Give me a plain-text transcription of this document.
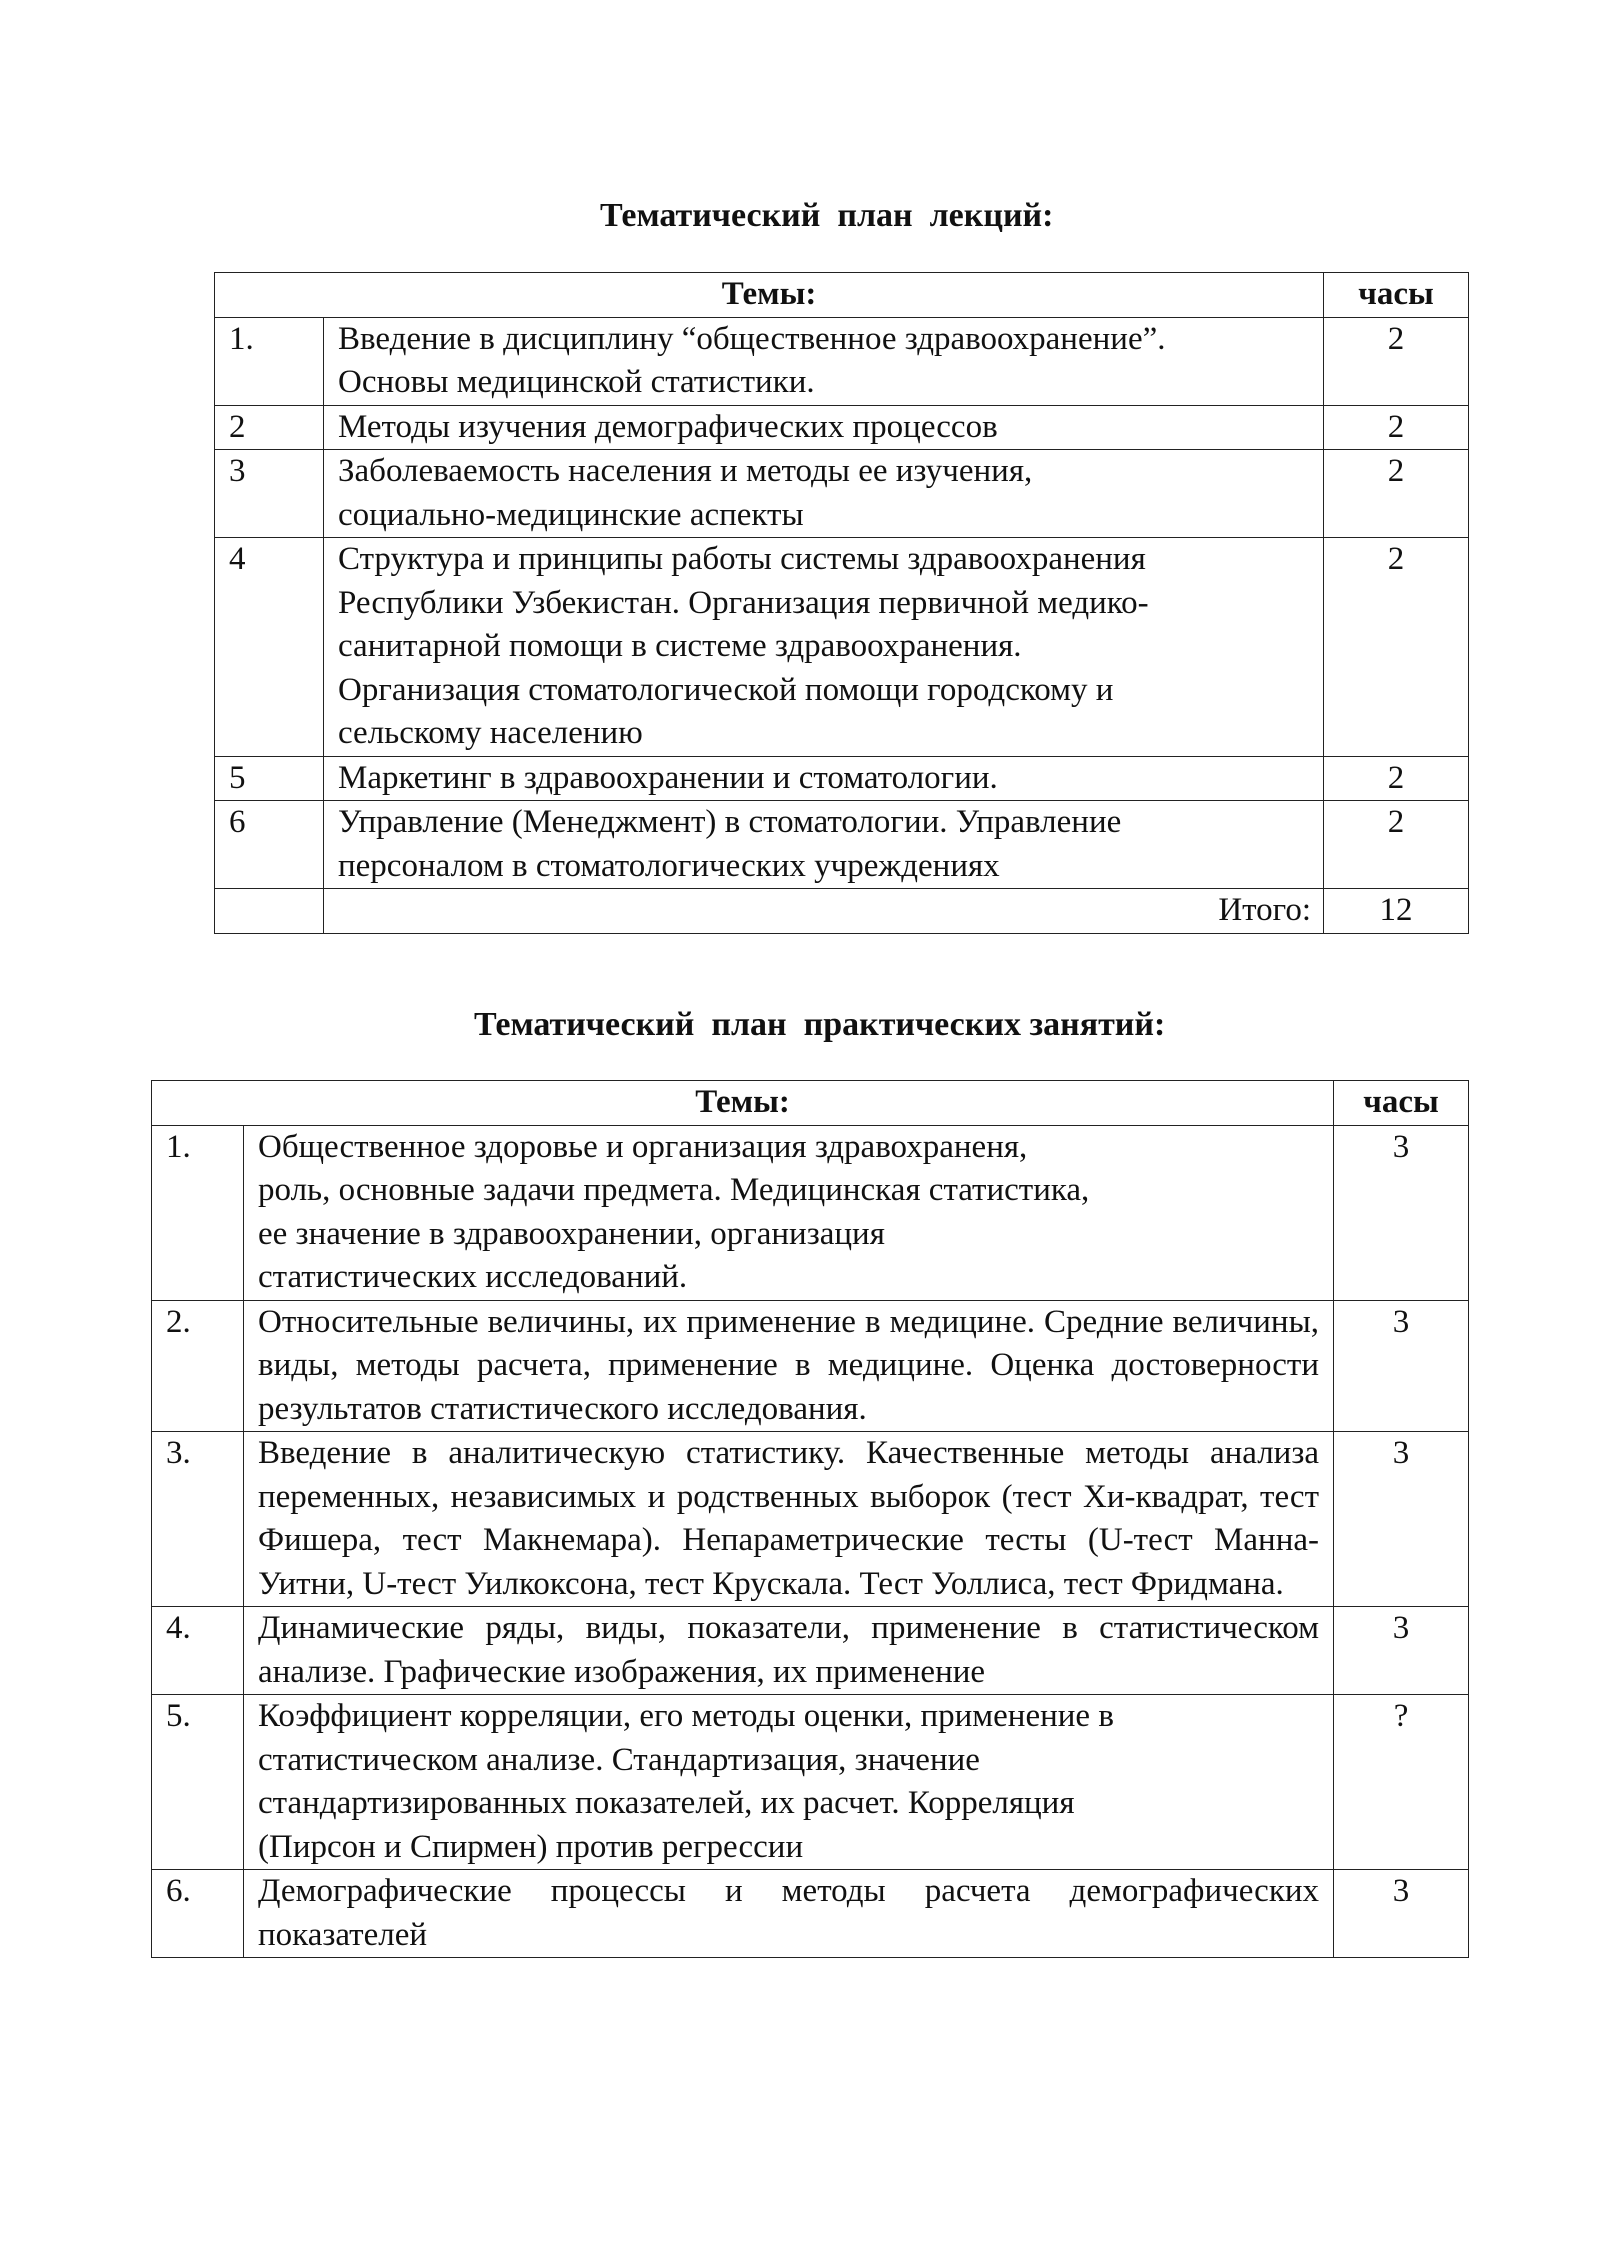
Тематический  план  лекций:
Темы:		часы
1.	Введение в дисциплину “общественное здравоохранение”.
Основы медицинской статистики.	2
2	Методы изучения демографических процессов	2
3	Заболеваемость населения и методы ее изучения,
социально-медицинские аспекты	2
4	Структура и принципы работы системы здравоохранения
Республики Узбекистан. Организация первичной медико-
санитарной помощи в системе здравоохранения.
Организация стоматологической помощи городскому и
сельскому населению	2
5	Маркетинг в здравоохранении и стоматологии.	2
6	Управление (Менеджмент) в стоматологии. Управление
персоналом в стоматологических учреждениях	2
	Итого:	12
Тематический  план  практических занятий:
Темы:		часы
1.	Общественное здоровье и организация здравохраненя,
роль, основные задачи предмета. Медицинская статистика,
ее значение в здравоохранении, организация
статистических исследований.	3
2.	Относительные величины, их применение в медицине. Средние величины, виды, методы расчета, применение в медицине. Оценка достоверности результатов статистического исследования.	3
3.	Введение в аналитическую статистику. Качественные методы анализа переменных, независимых и родственных выборок (тест Хи-квадрат, тест Фишера, тест Макнемара). Непараметрические тесты (U-тест Манна-Уитни, U-тест Уилкоксона, тест Крускала. Тест Уоллиса, тест Фридмана.	3
4.	Динамические ряды, виды, показатели, применение в статистическом анализе. Графические изображения, их применение	3
5.	Коэффициент корреляции, его методы оценки, применение в
статистическом анализе. Стандартизация, значение
стандартизированных показателей, их расчет. Корреляция
(Пирсон и Спирмен) против регрессии	?
6.	Демографические процессы и методы расчета демографических показателей	3
